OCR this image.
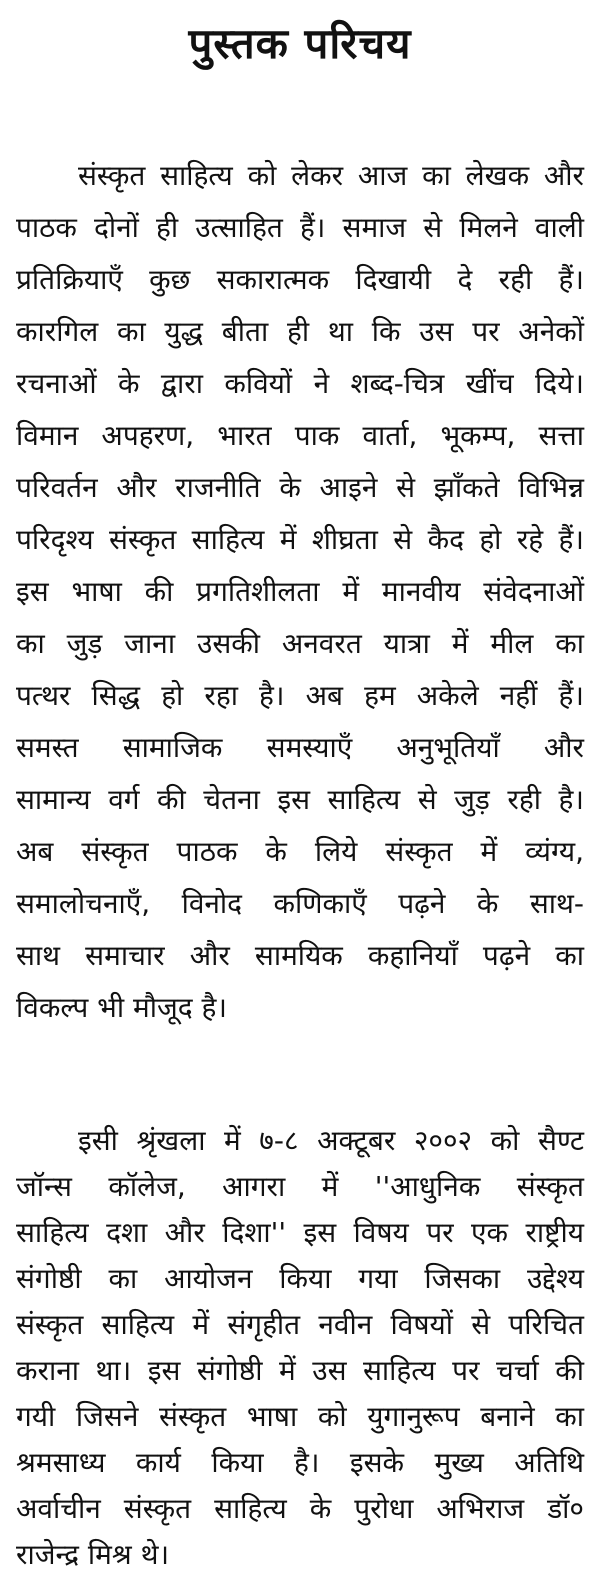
पुस्तक परिचय
संस्कृत साहित्य को लेकर आज का लेखक और
पाठक दोनों ही उत्साहित हैं। समाज से मिलने वाली
प्रतिक्रियाएँ कुछ सकारात्मक दिखायी दे रही हैं।
कारगिल का युद्ध बीता ही था कि उस पर अनेकों
रचनाओं के द्वारा कवियों ने शब्द-चित्र खींच दिये।
विमान अपहरण, भारत पाक वार्ता, भूकम्प, सत्ता
परिवर्तन और राजनीति के आइने से झाँकते विभिन्न
परिदृश्य संस्कृत साहित्य में शीघ्रता से कैद हो रहे हैं।
इस भाषा की प्रगतिशीलता में मानवीय संवेदनाओं
का जुड़ जाना उसकी अनवरत यात्रा में मील का
पत्थर सिद्ध हो रहा है। अब हम अकेले नहीं हैं।
समस्त सामाजिक समस्याएँ अनुभूतियाँ और
सामान्य वर्ग की चेतना इस साहित्य से जुड़ रही है।
अब संस्कृत पाठक के लिये संस्कृत में व्यंग्य,
समालोचनाएँ, विनोद कणिकाएँ पढ़ने के साथ-
साथ समाचार और सामयिक कहानियाँ पढ़ने का
विकल्प भी मौजूद है।
इसी श्रृंखला में ७-८ अक्टूबर २००२ को सैण्ट
जॉन्स कॉलेज, आगरा में ''आधुनिक संस्कृत
साहित्य दशा और दिशा'' इस विषय पर एक राष्ट्रीय
संगोष्ठी का आयोजन किया गया जिसका उद्देश्य
संस्कृत साहित्य में संगृहीत नवीन विषयों से परिचित
कराना था। इस संगोष्ठी में उस साहित्य पर चर्चा की
गयी जिसने संस्कृत भाषा को युगानुरूप बनाने का
श्रमसाध्य कार्य किया है। इसके मुख्य अतिथि
अर्वाचीन संस्कृत साहित्य के पुरोधा अभिराज डॉ०
राजेन्द्र मिश्र थे।
